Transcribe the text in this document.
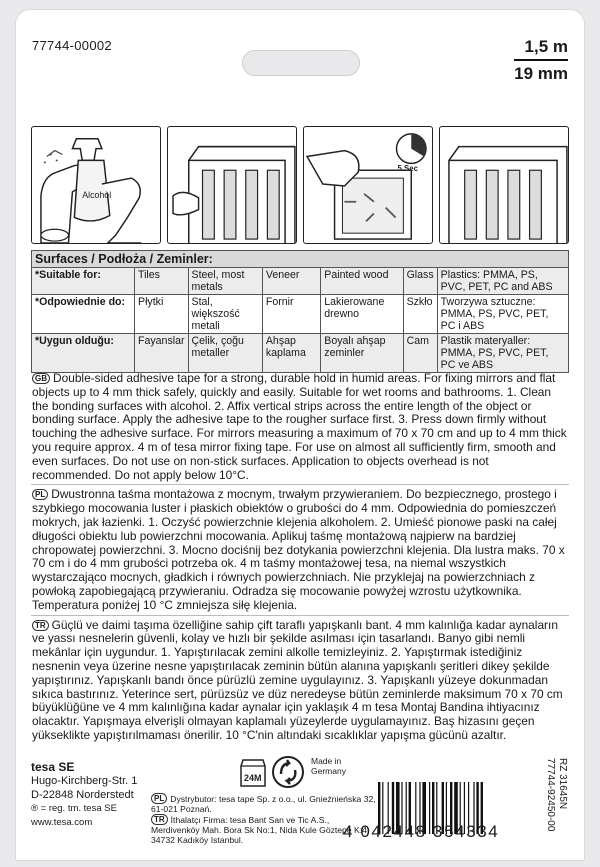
77744-00002	1,5 m
19 mm
Alcohol
5 Sec
Surfaces / Podłoża / Zeminler:						
*Suitable for:	Tiles	Steel, most metals	Veneer	Painted wood	Glass	Plastics: PMMA, PS, PVC, PET, PC and ABS
*Odpowiednie do:	Płytki	Stal, większość metali	Fornir	Lakierowane drewno	Szkło	Tworzywa sztuczne: PMMA, PS, PVC, PET, PC i ABS
*Uygun olduğu:	Fayanslar	Çelik, çoğu metaller	Ahşap kaplama	Boyalı ahşap zeminler	Cam	Plastik materyaller: PMMA, PS, PVC, PET, PC ve ABS
GB Double-sided adhesive tape for a strong, durable hold in humid areas. For fixing mirrors and flat objects up to 4 mm thick safely, quickly and easily. Suitable for wet rooms and bathrooms. 1. Clean the bonding surfaces with alcohol. 2. Affix vertical strips across the entire length of the object or bonding surface. Apply the adhesive tape to the rougher surface first. 3. Press down firmly without touching the adhesive surface. For mirrors measuring a maximum of 70 x 70 cm and up to 4 mm thick you require approx. 4 m of tesa mirror fixing tape. For use on almost all sufficiently firm, smooth and even surfaces. Do not use on non-stick surfaces. Application to objects overhead is not recommended. Do not apply below 10°C.
PL Dwustronna taśma montażowa z mocnym, trwałym przywieraniem. Do bezpiecznego, prostego i szybkiego mocowania luster i płaskich obiektów o grubości do 4 mm. Odpowiednia do pomieszczeń mokrych, jak łazienki. 1. Oczyść powierzchnie klejenia alkoholem. 2. Umieść pionowe paski na całej długości obiektu lub powierzchni mocowania. Aplikuj taśmę montażową najpierw na bardziej chropowatej powierzchni. 3. Mocno dociśnij bez dotykania powierzchni klejenia. Dla lustra maks. 70 x 70 cm i do 4 mm grubości potrzeba ok. 4 m taśmy montażowej tesa, na niemal wszystkich wystarczająco mocnych, gładkich i równych powierzchniach. Nie przyklejaj na powierzchniach z powłoką zapobiegającą przywieraniu. Odradza się mocowanie powyżej wzrostu użytkownika. Temperatura poniżej 10 °C zmniejsza siłę klejenia.
TR Güçlü ve daimi taşıma özelliğine sahip çift taraflı yapışkanlı bant. 4 mm kalınlığa kadar aynaların ve yassı nesnelerin güvenli, kolay ve hızlı bir şekilde asılması için tasarlandı. Banyo gibi nemli mekânlar için uygundur. 1. Yapıştırılacak zemini alkolle temizleyiniz. 2. Yapıştırmak istediğiniz nesnenin veya üzerine nesne yapıştırılacak zeminin bütün alanına yapışkanlı şeritleri dikey şekilde yapıştırınız. Yapışkanlı bandı önce pürüzlü zemine uygulayınız. 3. Yapışkanlı yüzeye dokunmadan sıkıca bastırınız. Yeterince sert, pürüzsüz ve düz neredeyse bütün zeminlerde maksimum 70 x 70 cm büyüklüğüne ve 4 mm kalınlığına kadar aynalar için yaklaşık 4 m tesa Montaj Bandina ihtiyacınız olacaktır. Yapışmaya elverişli olmayan kaplamalı yüzeylerde uygulamayınız. Baş hizasını geçen yükseklikte yapıştırılmaması önerilir. 10 °C'nin altındaki sıcaklıklar yapışma gücünü azaltır.
tesa SE
Hugo-Kirchberg-Str. 1
D-22848 Norderstedt
® = reg. tm. tesa SE
www.tesa.com
24M
Made in Germany
PL Dystrybutor: tesa tape Sp. z o.o., ul. Gnieźnieńska 32, 61-021 Poznań.
TR İthalatçı Firma: tesa Bant San ve Tic A.S., Merdivenköy Mah. Bora Sk No:1, Nida Kule Göztepe K:4, 34732 Kadıköy Istanbul.	4 042448 354334
77744-92450-00 RZ 31645N
